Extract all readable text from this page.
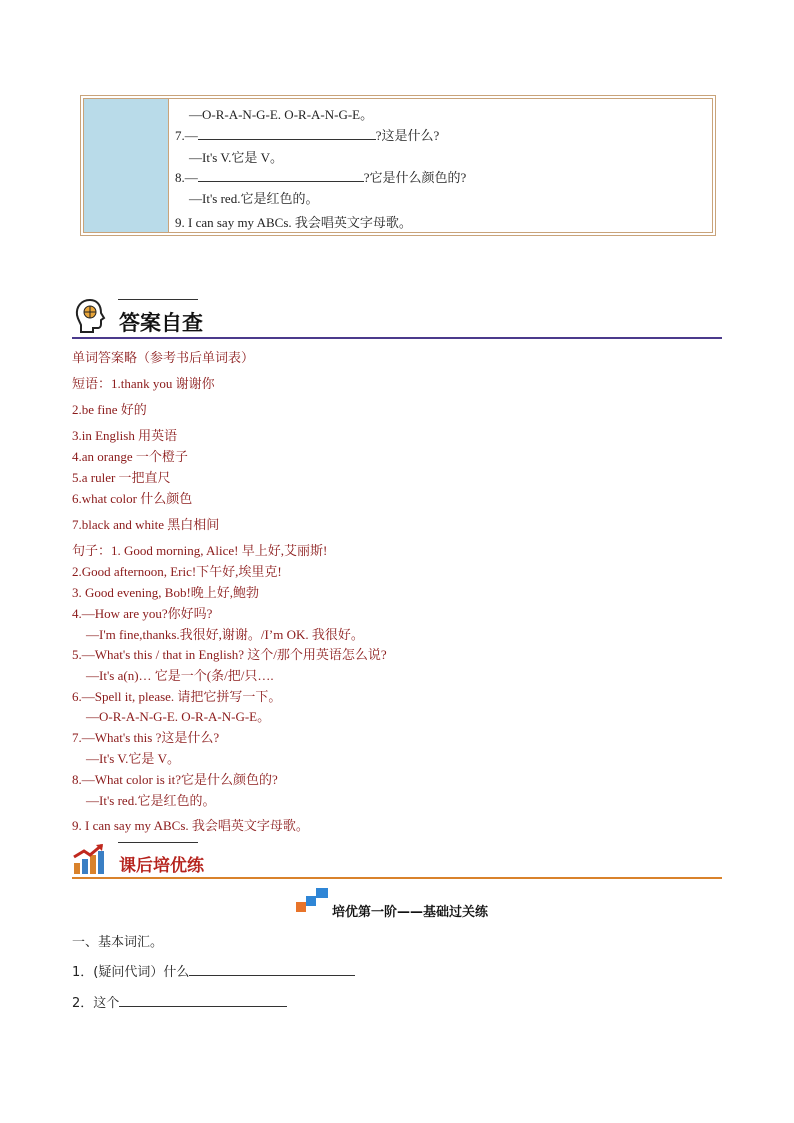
—O-R-A-N-G-E. O-R-A-N-G-E。
7.—	?这是什么?
—It's V.它是 V。
8.—	?它是什么颜色的?
—It's red.它是红色的。
9. I can say my ABCs. 我会唱英文字母歌。
答案自查
单词答案略（参考书后单词表）
短语：1.thank you 谢谢你
2.be fine 好的
3.in English 用英语
4.an orange 一个橙子
5.a ruler 一把直尺
6.what color 什么颜色
7.black and white 黑白相间
句子：1. Good morning, Alice! 早上好,艾丽斯!
2.Good afternoon, Eric!下午好,埃里克!
3. Good evening, Bob!晚上好,鲍勃
4.—How are you?你好吗?
—I'm fine,thanks.我很好,谢谢。/I’m OK. 我很好。
5.—What's this / that in English? 这个/那个用英语怎么说?
—It's a(n)… 它是一个(条/把/只….
6.—Spell it, please. 请把它拼写一下。
—O-R-A-N-G-E. O-R-A-N-G-E。
7.—What's this ?这是什么?
—It's V.它是 V。
8.—What color is it?它是什么颜色的?
—It's red.它是红色的。
9. I can say my ABCs. 我会唱英文字母歌。
课后培优练
培优第一阶——基础过关练
一、基本词汇。
1．(疑问代词）什么
2．这个
